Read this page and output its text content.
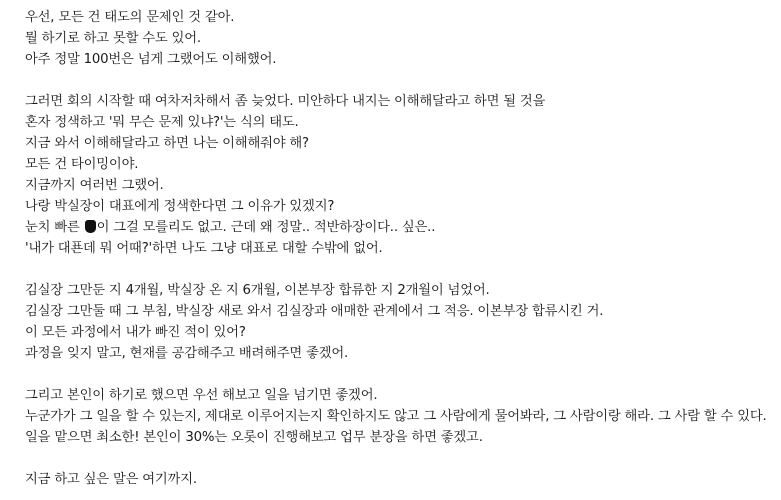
우선, 모든 건 태도의 문제인 것 같아.
뭘 하기로 하고 못할 수도 있어.
아주 정말 100번은 넘게 그랬어도 이해했어.
그러면 회의 시작할 때 여차저차해서 좀 늦었다. 미안하다 내지는 이해해달라고 하면 될 것을
혼자 정색하고 '뭐 무슨 문제 있냐?'는 식의 태도.
지금 와서 이해해달라고 하면 나는 이해해줘야 해?
모든 건 타이밍이야.
지금까지 여러번 그랬어.
나랑 박실장이 대표에게 정색한다면 그 이유가 있겠지?
눈치 빠른 이 그걸 모를리도 없고. 근데 왜 정말.. 적반하장이다.. 싶은..
'내가 대푠데 뭐 어때?'하면 나도 그냥 대표로 대할 수밖에 없어.
김실장 그만둔 지 4개월, 박실장 온 지 6개월, 이본부장 합류한 지 2개월이 넘었어.
김실장 그만둘 때 그 부침, 박실장 새로 와서 김실장과 애매한 관계에서 그 적응. 이본부장 합류시킨 거.
이 모든 과정에서 내가 빠진 적이 있어?
과정을 잊지 말고, 현재를 공감해주고 배려해주면 좋겠어.
그리고 본인이 하기로 했으면 우선 해보고 일을 넘기면 좋겠어.
누군가가 그 일을 할 수 있는지, 제대로 이루어지는지 확인하지도 않고 그 사람에게 물어봐라, 그 사람이랑 해라. 그 사람 할 수 있다.
일을 맡으면 최소한! 본인이 30%는 오롯이 진행해보고 업무 분장을 하면 좋겠고.
지금 하고 싶은 말은 여기까지.
